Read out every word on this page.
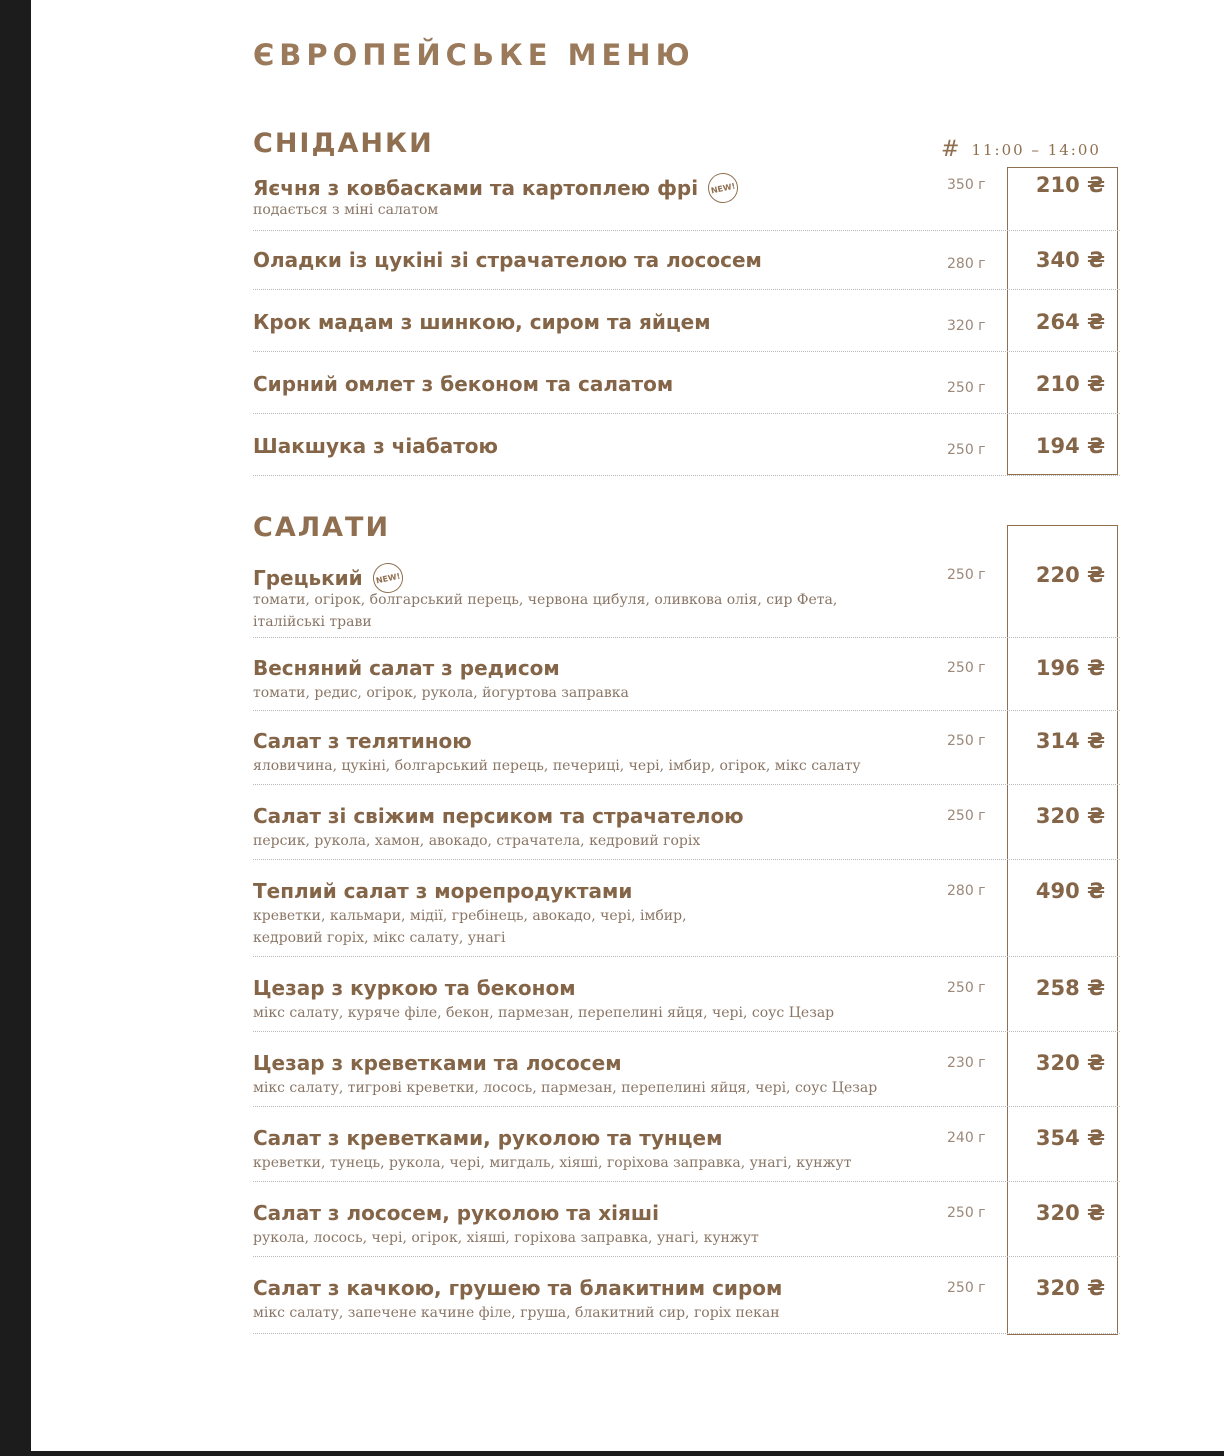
ЄВРОПЕЙСЬКЕ МЕНЮ
СНІДАНКИ	# 11:00 – 14:00
Яєчня з ковбасками та картоплею фрі	NEW!
подається з міні салатом
350 г	210 ₴
Оладки із цукіні зі страчателою та лососем	280 г	340 ₴
Крок мадам з шинкою, сиром та яйцем	320 г	264 ₴
Сирний омлет з беконом та салатом	250 г	210 ₴
Шакшука з чіабатою	250 г	194 ₴
САЛАТИ
Грецький	NEW!
томати, огірок, болгарський перець, червона цибуля, оливкова олія, сир Фета, італійські трави
250 г	220 ₴
Весняний салат з редисом
томати, редис, огірок, рукола, йогуртова заправка
250 г	196 ₴
Салат з телятиною
яловичина, цукіні, болгарський перець, печериці, чері, імбир, огірок, мікс салату
250 г	314 ₴
Салат зі свіжим персиком та страчателою
персик, рукола, хамон, авокадо, страчатела, кедровий горіх
250 г	320 ₴
Теплий салат з морепродуктами
креветки, кальмари, мідії, гребінець, авокадо, чері, імбир, кедровий горіх, мікс салату, унагі
280 г	490 ₴
Цезар з куркою та беконом
мікс салату, куряче філе, бекон, пармезан, перепелині яйця, чері, соус Цезар
250 г	258 ₴
Цезар з креветками та лососем
мікс салату, тигрові креветки, лосось, пармезан, перепелині яйця, чері, соус Цезар
230 г	320 ₴
Салат з креветками, руколою та тунцем
креветки, тунець, рукола, чері, мигдаль, хіяші, горіхова заправка, унагі, кунжут
240 г	354 ₴
Салат з лососем, руколою та хіяші
рукола, лосось, чері, огірок, хіяші, горіхова заправка, унагі, кунжут
250 г	320 ₴
Салат з качкою, грушею та блакитним сиром
мікс салату, запечене качине філе, груша, блакитний сир, горіх пекан
250 г	320 ₴
